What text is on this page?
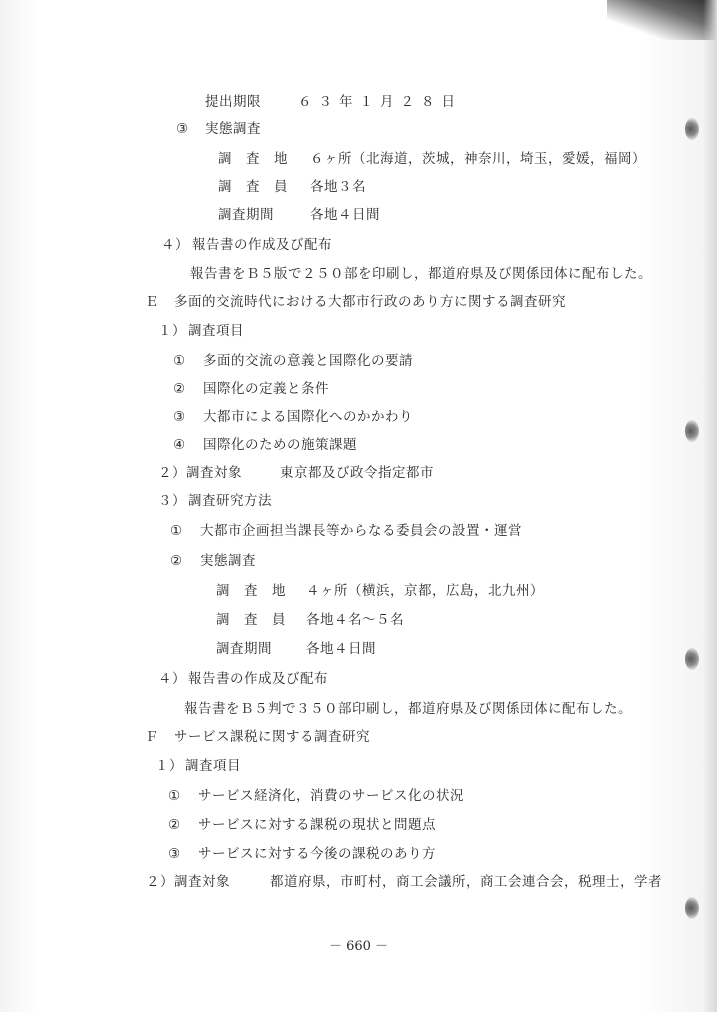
提出期限	６３年１月２８日
③ 実態調査
調　査　地 ６ヶ所（北海道，茨城，神奈川，埼玉，愛媛，福岡）
調　査　員 各地３名
調査期間	各地４日間
４） 報告書の作成及び配布
報告書をＢ５版で２５０部を印刷し，都道府県及び関係団体に配布した。
Ｅ 多面的交流時代における大都市行政のあり方に関する調査研究
１） 調査項目
① 多面的交流の意義と国際化の要請
② 国際化の定義と条件
③ 大都市による国際化へのかかわり
④ 国際化のための施策課題
２）調査対象	東京都及び政令指定都市
３） 調査研究方法
① 大都市企画担当課長等からなる委員会の設置・運営
② 実態調査
調　査　地 ４ヶ所（横浜，京都，広島，北九州）
調　査　員 各地４名～５名
調査期間	各地４日間
４） 報告書の作成及び配布
報告書をＢ５判で３５０部印刷し，都道府県及び関係団体に配布した。
Ｆ サービス課税に関する調査研究
１） 調査項目
① サービス経済化，消費のサービス化の状況
② サービスに対する課税の現状と問題点
③ サービスに対する今後の課税のあり方
２）調査対象	都道府県，市町村，商工会議所，商工会連合会，税理士，学者
－ 660 －
